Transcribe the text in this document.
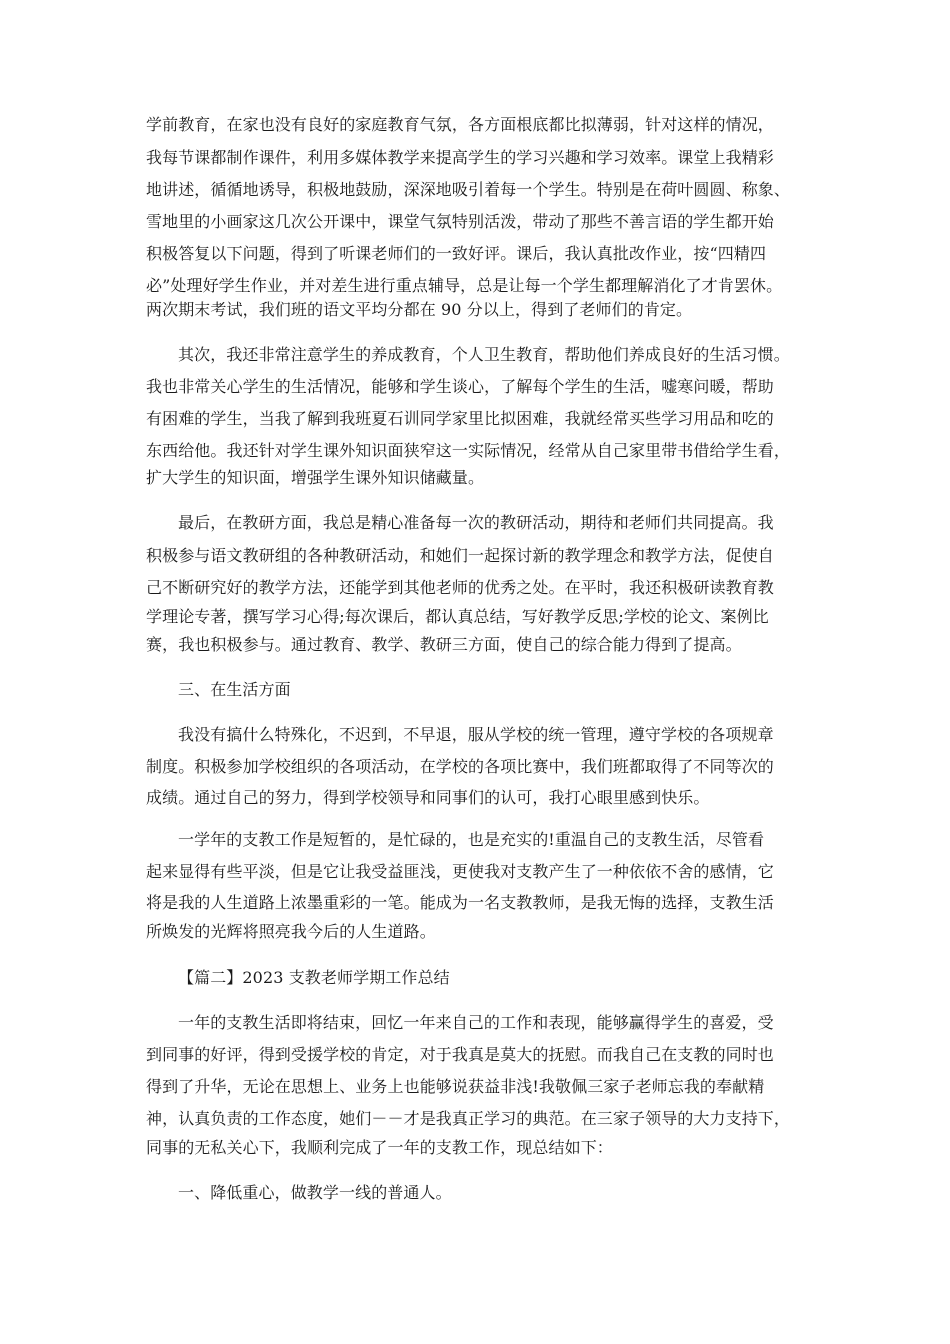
学前教育，在家也没有良好的家庭教育气氛，各方面根底都比拟薄弱，针对这样的情况，
我每节课都制作课件，利用多媒体教学来提高学生的学习兴趣和学习效率。课堂上我精彩
地讲述，循循地诱导，积极地鼓励，深深地吸引着每一个学生。特别是在荷叶圆圆、称象、
雪地里的小画家这几次公开课中，课堂气氛特别活泼，带动了那些不善言语的学生都开始
积极答复以下问题，得到了听课老师们的一致好评。课后，我认真批改作业，按“四精四
必”处理好学生作业，并对差生进行重点辅导，总是让每一个学生都理解消化了才肯罢休。
两次期末考试，我们班的语文平均分都在 90 分以上，得到了老师们的肯定。
其次，我还非常注意学生的养成教育，个人卫生教育，帮助他们养成良好的生活习惯。
我也非常关心学生的生活情况，能够和学生谈心，了解每个学生的生活，嘘寒问暖，帮助
有困难的学生，当我了解到我班夏石训同学家里比拟困难，我就经常买些学习用品和吃的
东西给他。我还针对学生课外知识面狭窄这一实际情况，经常从自己家里带书借给学生看，
扩大学生的知识面，增强学生课外知识储藏量。
最后，在教研方面，我总是精心准备每一次的教研活动，期待和老师们共同提高。我
积极参与语文教研组的各种教研活动，和她们一起探讨新的教学理念和教学方法，促使自
己不断研究好的教学方法，还能学到其他老师的优秀之处。在平时，我还积极研读教育教
学理论专著，撰写学习心得;每次课后，都认真总结，写好教学反思;学校的论文、案例比
赛，我也积极参与。通过教育、教学、教研三方面，使自己的综合能力得到了提高。
三、在生活方面
我没有搞什么特殊化，不迟到，不早退，服从学校的统一管理，遵守学校的各项规章
制度。积极参加学校组织的各项活动，在学校的各项比赛中，我们班都取得了不同等次的
成绩。通过自己的努力，得到学校领导和同事们的认可，我打心眼里感到快乐。
一学年的支教工作是短暂的，是忙碌的，也是充实的!重温自己的支教生活，尽管看
起来显得有些平淡，但是它让我受益匪浅，更使我对支教产生了一种依依不舍的感情，它
将是我的人生道路上浓墨重彩的一笔。能成为一名支教教师，是我无悔的选择，支教生活
所焕发的光辉将照亮我今后的人生道路。
【篇二】2023 支教老师学期工作总结
一年的支教生活即将结束，回忆一年来自己的工作和表现，能够赢得学生的喜爱，受
到同事的好评，得到受援学校的肯定，对于我真是莫大的抚慰。而我自己在支教的同时也
得到了升华，无论在思想上、业务上也能够说获益非浅!我敬佩三家子老师忘我的奉献精
神，认真负责的工作态度，她们－－才是我真正学习的典范。在三家子领导的大力支持下，
同事的无私关心下，我顺利完成了一年的支教工作，现总结如下：
一、降低重心，做教学一线的普通人。
